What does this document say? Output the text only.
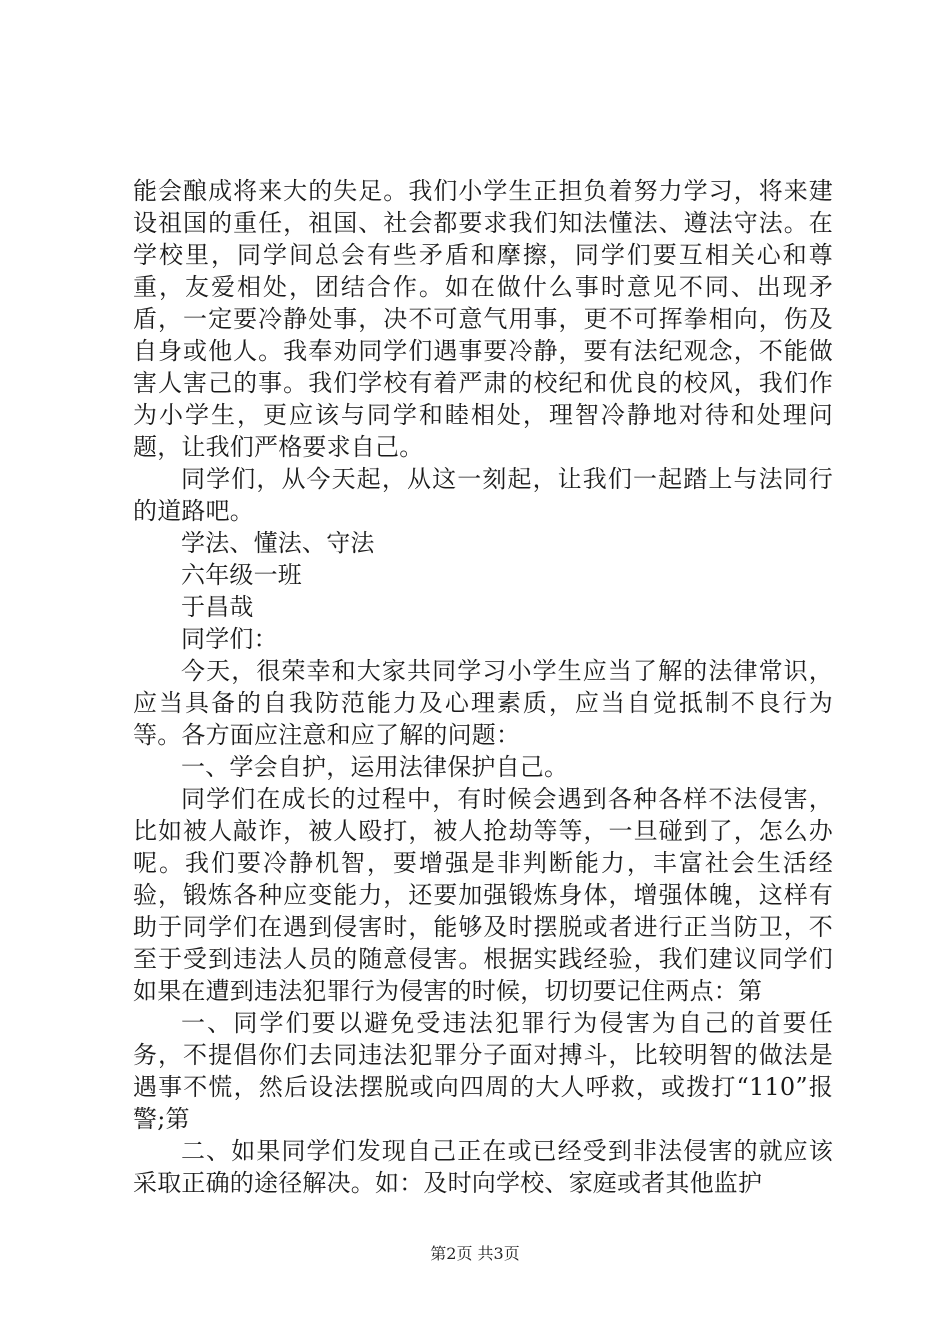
能会酿成将来大的失足。我们小学生正担负着努力学习，将来建设祖国的重任，祖国、社会都要求我们知法懂法、遵法守法。在学校里，同学间总会有些矛盾和摩擦，同学们要互相关心和尊重，友爱相处，团结合作。如在做什么事时意见不同、出现矛盾，一定要冷静处事，决不可意气用事，更不可挥拳相向，伤及自身或他人。我奉劝同学们遇事要冷静，要有法纪观念，不能做害人害己的事。我们学校有着严肃的校纪和优良的校风，我们作为小学生，更应该与同学和睦相处，理智冷静地对待和处理问题，让我们严格要求自己。

同学们，从今天起，从这一刻起，让我们一起踏上与法同行的道路吧。

学法、懂法、守法

六年级一班

于昌哉

同学们：

今天，很荣幸和大家共同学习小学生应当了解的法律常识，应当具备的自我防范能力及心理素质，应当自觉抵制不良行为等。各方面应注意和应了解的问题：

一、学会自护，运用法律保护自己。

同学们在成长的过程中，有时候会遇到各种各样不法侵害，比如被人敲诈，被人殴打，被人抢劫等等，一旦碰到了，怎么办呢。我们要冷静机智，要增强是非判断能力，丰富社会生活经验，锻炼各种应变能力，还要加强锻炼身体，增强体魄，这样有助于同学们在遇到侵害时，能够及时摆脱或者进行正当防卫，不至于受到违法人员的随意侵害。根据实践经验，我们建议同学们如果在遭到违法犯罪行为侵害的时候，切切要记住两点：第

一、同学们要以避免受违法犯罪行为侵害为自己的首要任务，不提倡你们去同违法犯罪分子面对搏斗，比较明智的做法是遇事不慌，然后设法摆脱或向四周的大人呼救，或拨打“110”报警;第

二、如果同学们发现自己正在或已经受到非法侵害的就应该采取正确的途径解决。如：及时向学校、家庭或者其他监护

第2页 共3页
